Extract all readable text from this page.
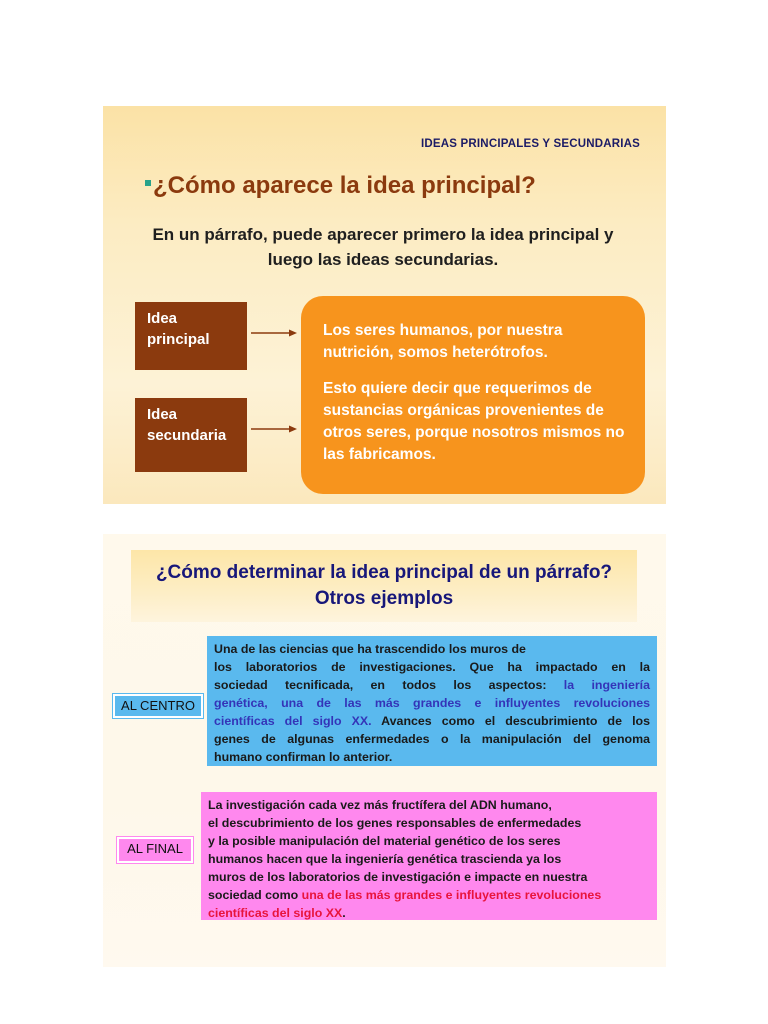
IDEAS PRINCIPALES Y SECUNDARIAS
¿Cómo aparece la idea principal?
En un párrafo, puede aparecer primero la idea principal y luego las ideas secundarias.
Idea
principal
Idea
secundaria

Los seres humanos, por nuestra nutrición, somos heterótrofos.

Esto quiere decir que requerimos de sustancias orgánicas provenientes de otros seres, porque nosotros mismos no las fabricamos.

¿Cómo determinar la idea principal de un párrafo? Otros ejemplos
AL CENTRO
Una de las ciencias que ha trascendido los muros de
los laboratorios de investigaciones. Que ha impactado en la
sociedad tecnificada, en todos los aspectos: la ingeniería
genética, una de las más grandes e influyentes revoluciones
científicas del siglo XX. Avances como el descubrimiento de los
genes de algunas enfermedades o la manipulación del genoma
humano confirman lo anterior.
AL FINAL
La investigación cada vez más fructífera del ADN humano,
el descubrimiento de los genes responsables de enfermedades
y la posible manipulación del material genético de los seres
humanos hacen que la ingeniería genética trascienda ya los
muros de los laboratorios de investigación e impacte en nuestra
sociedad como una de las más grandes e influyentes revoluciones
científicas del siglo XX.
